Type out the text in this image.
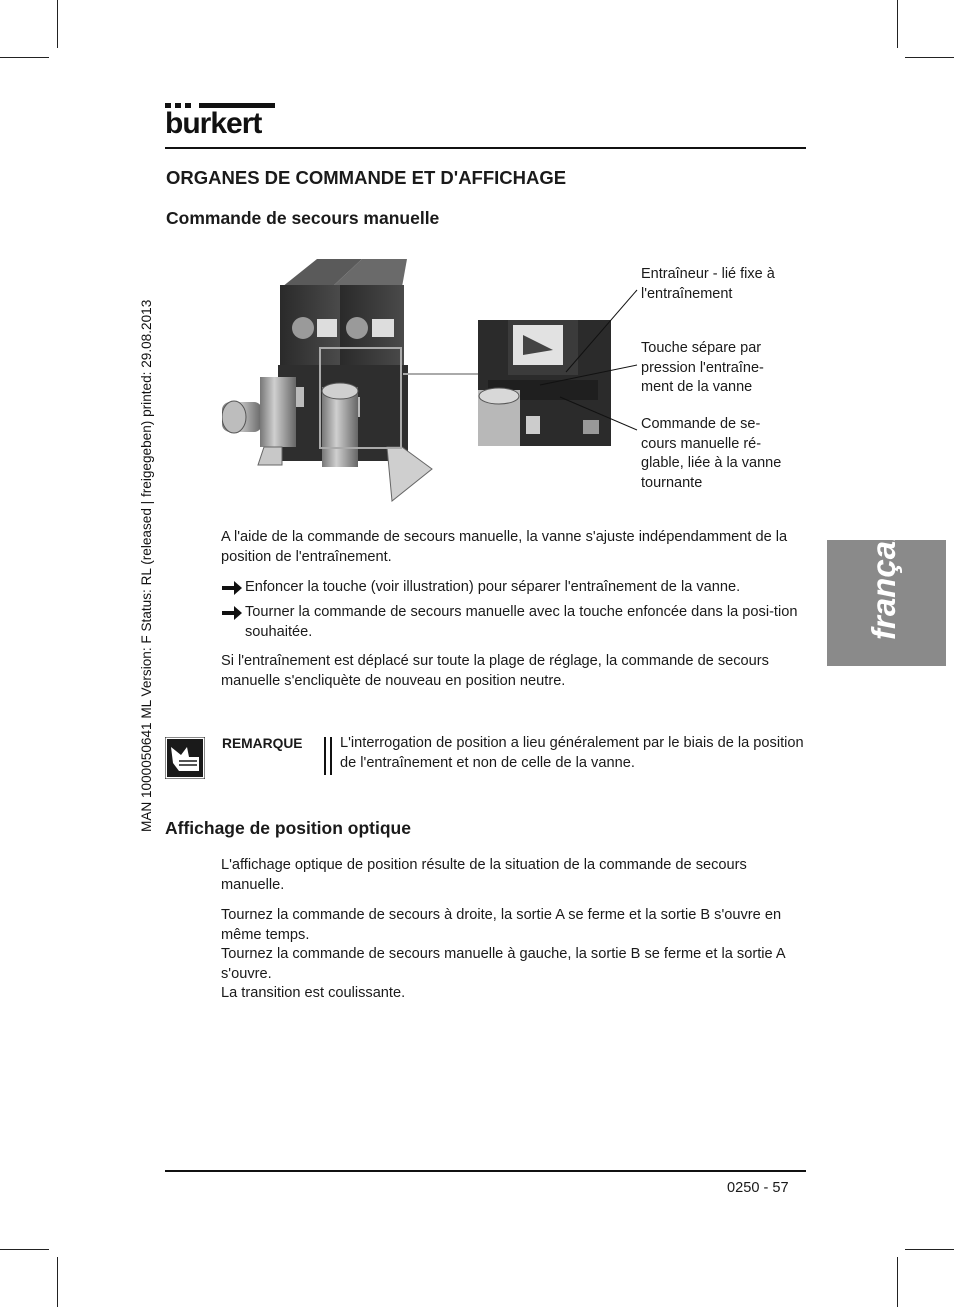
burkert
ORGANES DE COMMANDE ET D'AFFICHAGE
MAN 1000050641 ML Version: F Status: RL (released | freigegeben) printed: 29.08.2013	français
Commande de secours manuelle
Entraîneur - lié fixe à
l'entraînement
Touche sépare par
pression l'entraîne-
ment de la vanne
Commande de se-
cours manuelle ré-
glable, liée à la vanne
tournante

A l'aide de la commande de secours manuelle, la vanne s'ajuste indépendamment de la position de l'entraînement.

Enfoncer la touche (voir illustration) pour séparer l'entraînement de la vanne.
Tourner la commande de secours manuelle avec la touche enfoncée dans la posi-tion souhaitée.

Si l'entraînement est déplacé sur toute la plage de réglage, la commande de secours manuelle s'encliquète de nouveau en position neutre.

REMARQUE	L'interrogation de position a lieu généralement par le biais de la position de l'entraînement et non de celle de la vanne.
Affichage de position optique

L'affichage optique de position résulte de la situation de la commande de secours manuelle.

Tournez la commande de secours à droite, la sortie A se ferme et la sortie B s'ouvre en même temps.

Tournez la commande de secours manuelle à gauche, la sortie B se ferme et la sortie A s'ouvre.

La transition est coulissante.

0250 - 57
